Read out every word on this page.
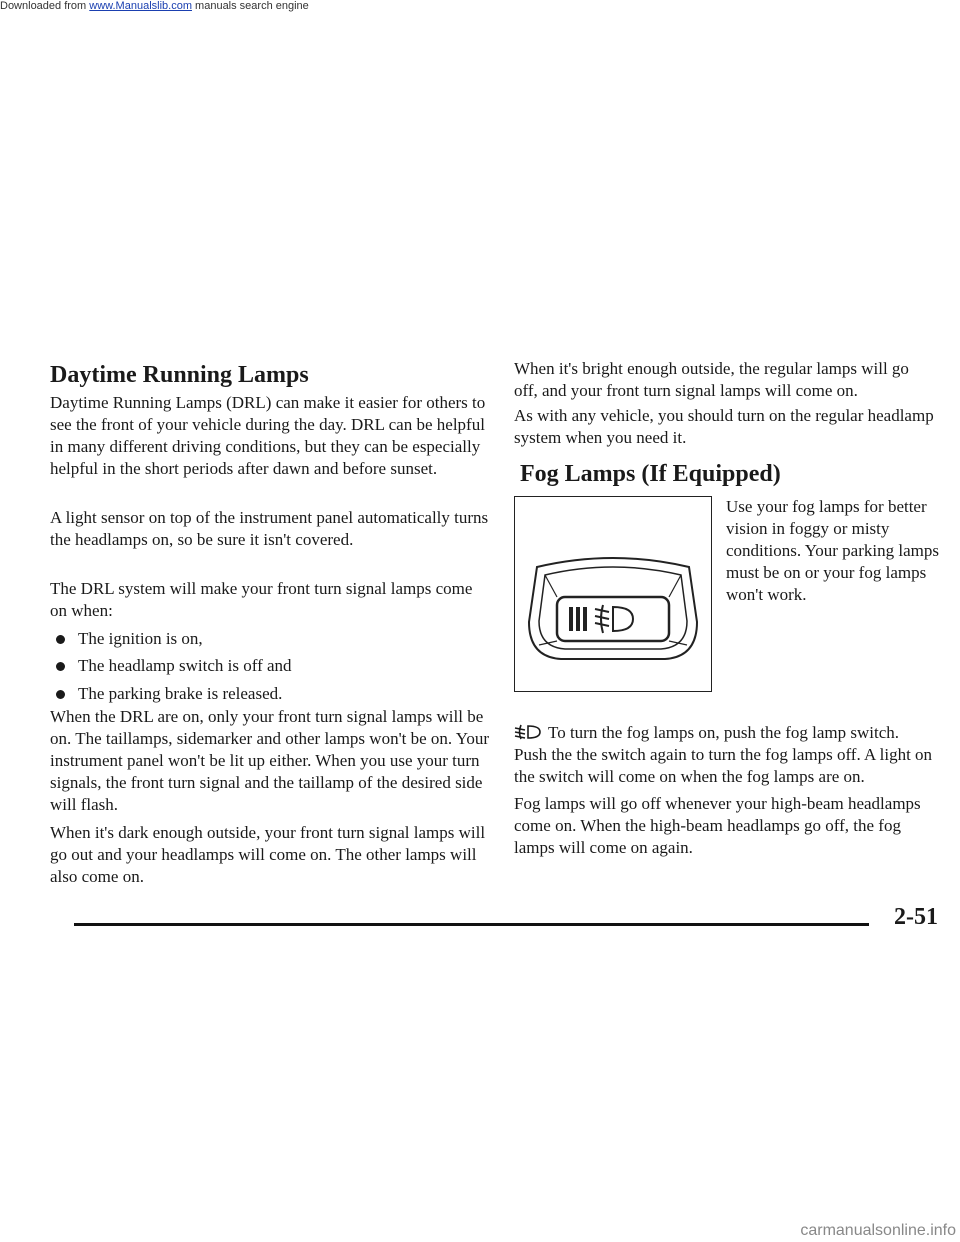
Downloaded from www.Manualslib.com manuals search engine
Daytime Running Lamps

Daytime Running Lamps (DRL) can make it easier for others to see the front of your vehicle during the day. DRL can be helpful in many different driving conditions, but they can be especially helpful in the short periods after dawn and before sunset.

A light sensor on top of the instrument panel automatically turns the headlamps on, so be sure it isn't covered.

The DRL system will make your front turn signal lamps come on when:

The ignition is on,
The headlamp switch is off and
The parking brake is released.

When the DRL are on, only your front turn signal lamps will be on. The taillamps, sidemarker and other lamps won't be on. Your instrument panel won't be lit up either. When you use your turn signals, the front turn signal and the taillamp of the desired side will flash.

When it's dark enough outside, your front turn signal lamps will go out and your headlamps will come on. The other lamps will also come on.

When it's bright enough outside, the regular lamps will go off, and your front turn signal lamps will come on.

As with any vehicle, you should turn on the regular headlamp system when you need it.

Fog Lamps (If Equipped)
Use your fog lamps for better vision in foggy or misty conditions. Your parking lamps must be on or your fog lamps won't work.

To turn the fog lamps on, push the fog lamp switch. Push the the switch again to turn the fog lamps off. A light on the switch will come on when the fog lamps are on.

Fog lamps will go off whenever your high-beam headlamps come on. When the high-beam headlamps go off, the fog lamps will come on again.

2-51
carmanualsonline.info
